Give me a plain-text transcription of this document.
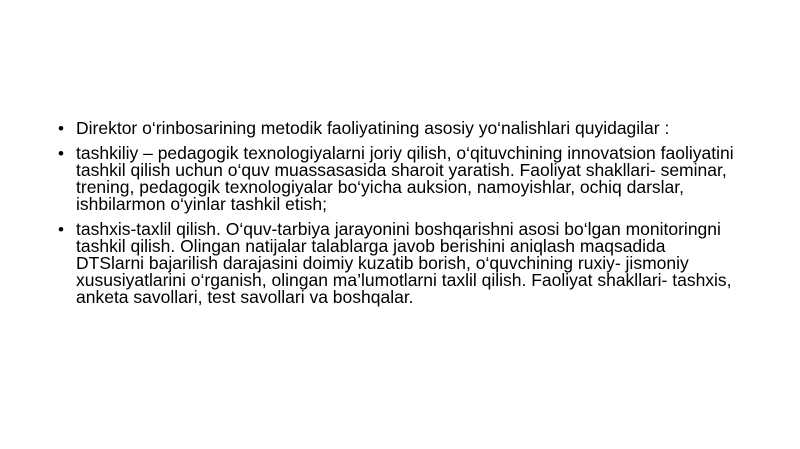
• Direktor o‘rinbosarining metodik faoliyatining asosiy yo‘nalishlari quyidagilar :
• tashkiliy – pedagogik texnologiyalarni joriy qilish, o‘qituvchining innovatsion faoliyatini tashkil qilish uchun o‘quv muassasasida sharoit yaratish. Faoliyat shakllari- seminar, trening, pedagogik texnologiyalar bo‘yicha auksion, namoyishlar, ochiq darslar, ishbilarmon o‘yinlar tashkil etish;
• tashxis-taxlil qilish. O‘quv-tarbiya jarayonini boshqarishni asosi bo‘lgan monitoringni tashkil qilish. Olingan natijalar talablarga javob berishini aniqlash maqsadida DTSlarni bajarilish darajasini doimiy kuzatib borish, o‘quvchining ruxiy- jismoniy xususiyatlarini o‘rganish, olingan ma’lumotlarni taxlil qilish. Faoliyat shakllari- tashxis, anketa savollari, test savollari va boshqalar.
